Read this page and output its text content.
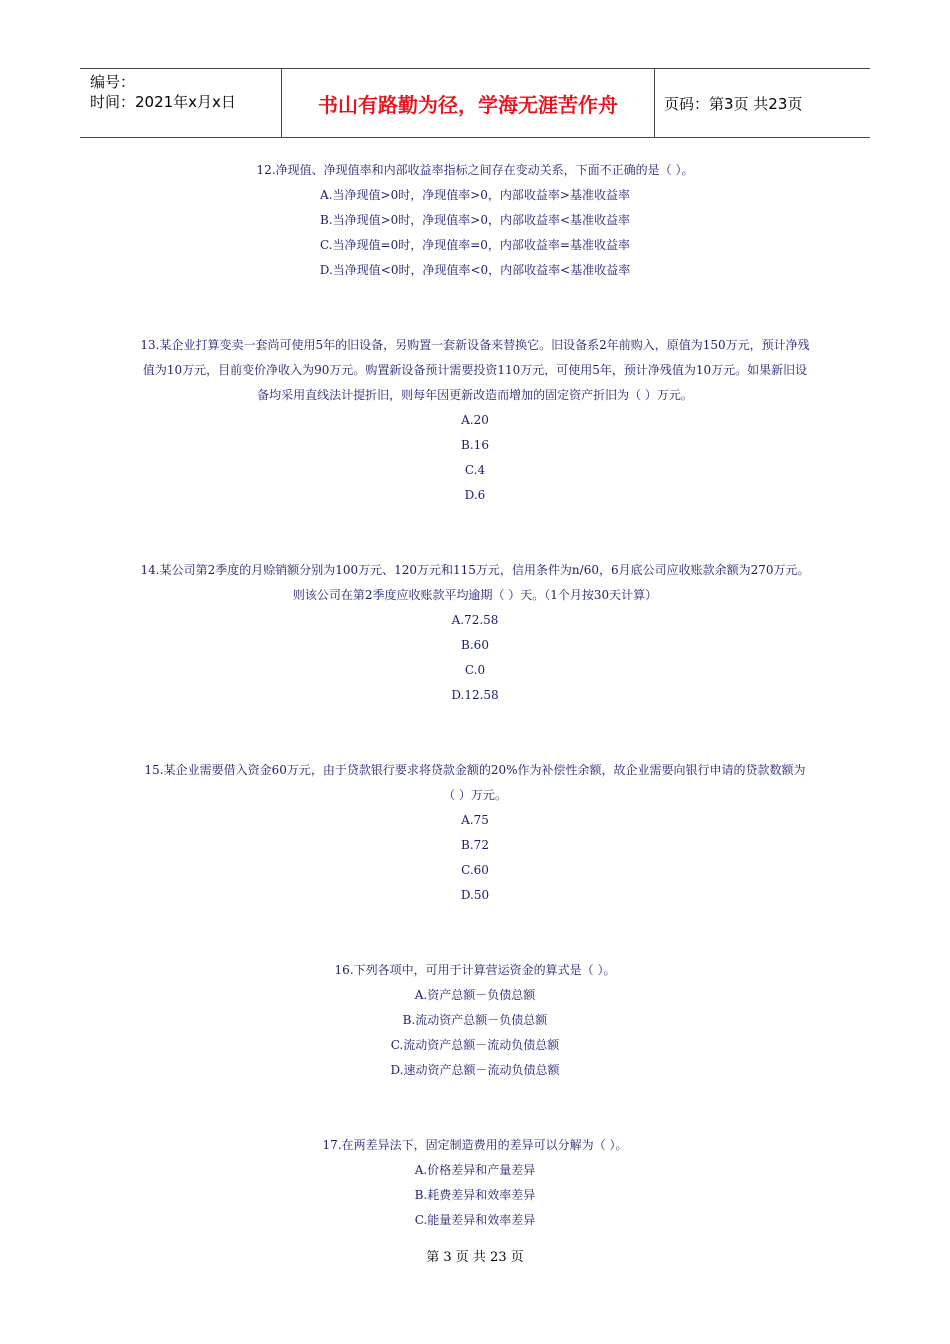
编号：
时间：2021年x月x日	书山有路勤为径，学海无涯苦作舟	页码：第3页 共23页
12.净现值、净现值率和内部收益率指标之间存在变动关系，下面不正确的是（ ）。
A.当净现值>0时，净现值率>0，内部收益率>基准收益率
B.当净现值>0时，净现值率>0，内部收益率<基准收益率
C.当净现值=0时，净现值率=0，内部收益率=基准收益率
D.当净现值<0时，净现值率<0，内部收益率<基准收益率
13.某企业打算变卖一套尚可使用5年的旧设备，另购置一套新设备来替换它。旧设备系2年前购入，原值为150万元，预计净残值为10万元，目前变价净收入为90万元。购置新设备预计需要投资110万元，可使用5年，预计净残值为10万元。如果新旧设备均采用直线法计提折旧，则每年因更新改造而增加的固定资产折旧为（ ）万元。
A.20
B.16
C.4
D.6
14.某公司第2季度的月赊销额分别为100万元、120万元和115万元，信用条件为n/60，6月底公司应收账款余额为270万元。则该公司在第2季度应收账款平均逾期（ ）天。（1个月按30天计算）
A.72.58
B.60
C.0
D.12.58
15.某企业需要借入资金60万元，由于贷款银行要求将贷款金额的20%作为补偿性余额，故企业需要向银行申请的贷款数额为（ ）万元。
A.75
B.72
C.60
D.50
16.下列各项中，可用于计算营运资金的算式是（ ）。
A.资产总额－负债总额
B.流动资产总额－负债总额
C.流动资产总额－流动负债总额
D.速动资产总额－流动负债总额
17.在两差异法下，固定制造费用的差异可以分解为（ ）。
A.价格差异和产量差异
B.耗费差异和效率差异
C.能量差异和效率差异
第 3 页 共 23 页
